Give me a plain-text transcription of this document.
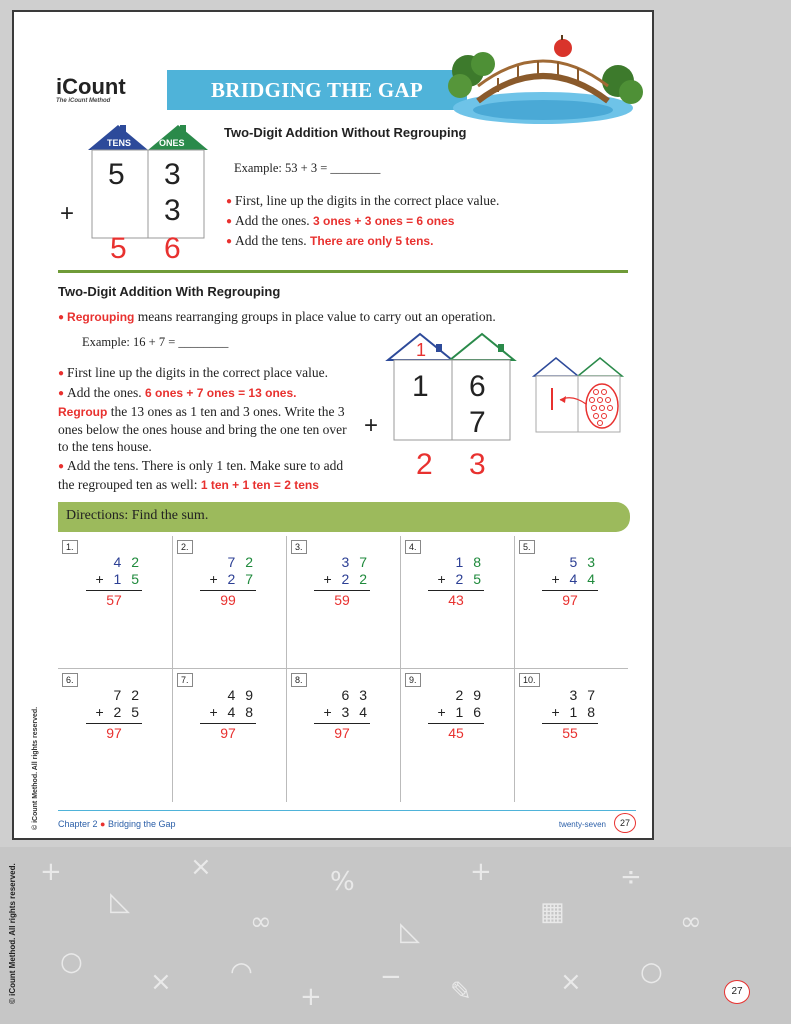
+
◺
×
∞
%
◺
+
▦
÷
∞
○
× ◠
+
− ✎	× ○
© iCount Method. All rights reserved.	27
© iCount Method. All rights reserved.
iCount
The iCount Method	BRIDGING THE GAP
TENS	ONES
5 3
3
+
5 6
Two-Digit Addition Without Regrouping
Example: 53 + 3 = ________
● First, line up the digits in the correct place value.
● Add the ones. 3 ones + 3 ones = 6 ones
● Add the tens. There are only 5 tens.
Two-Digit Addition With Regrouping
● Regrouping means rearranging groups in place value to carry out an operation.
Example: 16 + 7 = ________
● First line up the digits in the correct place value.
● Add the ones. 6 ones + 7 ones = 13 ones.
Regroup the 13 ones as 1 ten and 3 ones. Write the 3 ones below the ones house and bring the one ten over to the tens house.
● Add the tens. There is only 1 ten. Make sure to add the regrouped ten as well: 1 ten + 1 ten = 2 tens
1
1 6
7
+
2 3
Directions: Find the sum.
1.
4 2
+ 1 5
57
2.
7 2
+ 2 7
99
3.
3 7
+ 2 2
59
4.
1 8
+ 2 5
43
5.
5 3
+ 4 4
97
6.
7 2
+ 2 5
97
7.
4 9
+ 4 8
97
8.
6 3
+ 3 4
97
9.
2 9
+ 1 6
45
10.
3 7
+ 1 8
55
Chapter 2 ● Bridging the Gap	twenty-seven	27
